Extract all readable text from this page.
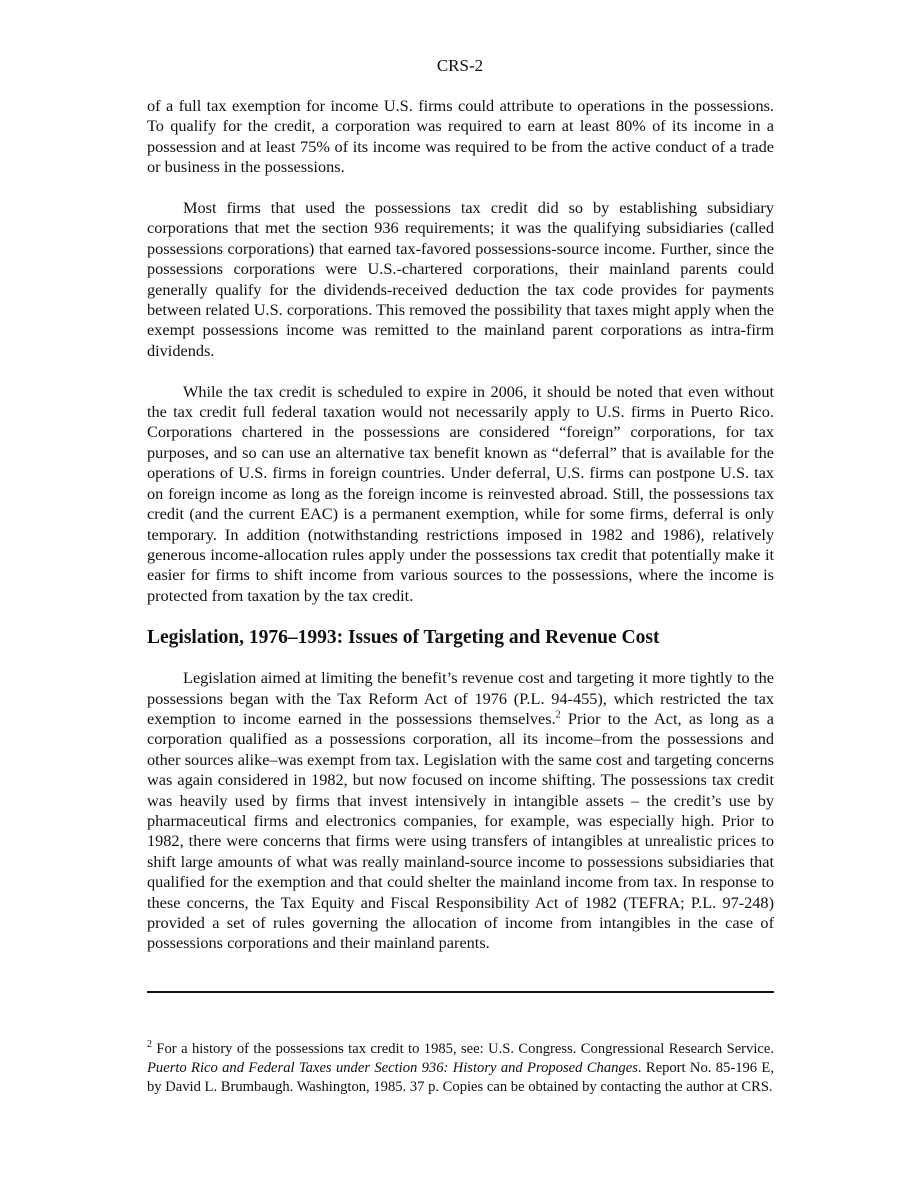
CRS-2

of a full tax exemption for income U.S. firms could attribute to operations in the possessions. To qualify for the credit, a corporation was required to earn at least 80% of its income in a possession and at least 75% of its income was required to be from the active conduct of a trade or business in the possessions.

Most firms that used the possessions tax credit did so by establishing subsidiary corporations that met the section 936 requirements; it was the qualifying subsidiaries (called possessions corporations) that earned tax-favored possessions-source income. Further, since the possessions corporations were U.S.-chartered corporations, their mainland parents could generally qualify for the dividends-received deduction the tax code provides for payments between related U.S. corporations. This removed the possibility that taxes might apply when the exempt possessions income was remitted to the mainland parent corporations as intra-firm dividends.

While the tax credit is scheduled to expire in 2006, it should be noted that even without the tax credit full federal taxation would not necessarily apply to U.S. firms in Puerto Rico. Corporations chartered in the possessions are considered “foreign” corporations, for tax purposes, and so can use an alternative tax benefit known as “deferral” that is available for the operations of U.S. firms in foreign countries. Under deferral, U.S. firms can postpone U.S. tax on foreign income as long as the foreign income is reinvested abroad. Still, the possessions tax credit (and the current EAC) is a permanent exemption, while for some firms, deferral is only temporary. In addition (notwithstanding restrictions imposed in 1982 and 1986), relatively generous income-allocation rules apply under the possessions tax credit that potentially make it easier for firms to shift income from various sources to the possessions, where the income is protected from taxation by the tax credit.

Legislation, 1976–1993: Issues of Targeting and Revenue Cost

Legislation aimed at limiting the benefit’s revenue cost and targeting it more tightly to the possessions began with the Tax Reform Act of 1976 (P.L. 94-455), which restricted the tax exemption to income earned in the possessions themselves.$^2$ Prior to the Act, as long as a corporation qualified as a possessions corporation, all its income–from the possessions and other sources alike–was exempt from tax. Legislation with the same cost and targeting concerns was again considered in 1982, but now focused on income shifting. The possessions tax credit was heavily used by firms that invest intensively in intangible assets – the credit’s use by pharmaceutical firms and electronics companies, for example, was especially high. Prior to 1982, there were concerns that firms were using transfers of intangibles at unrealistic prices to shift large amounts of what was really mainland-source income to possessions subsidiaries that qualified for the exemption and that could shelter the mainland income from tax. In response to these concerns, the Tax Equity and Fiscal Responsibility Act of 1982 (TEFRA; P.L. 97-248) provided a set of rules governing the allocation of income from intangibles in the case of possessions corporations and their mainland parents.

$^2$ For a history of the possessions tax credit to 1985, see: U.S. Congress. Congressional Research Service. Puerto Rico and Federal Taxes under Section 936: History and Proposed Changes. Report No. 85-196 E, by David L. Brumbaugh. Washington, 1985. 37 p. Copies can be obtained by contacting the author at CRS.
